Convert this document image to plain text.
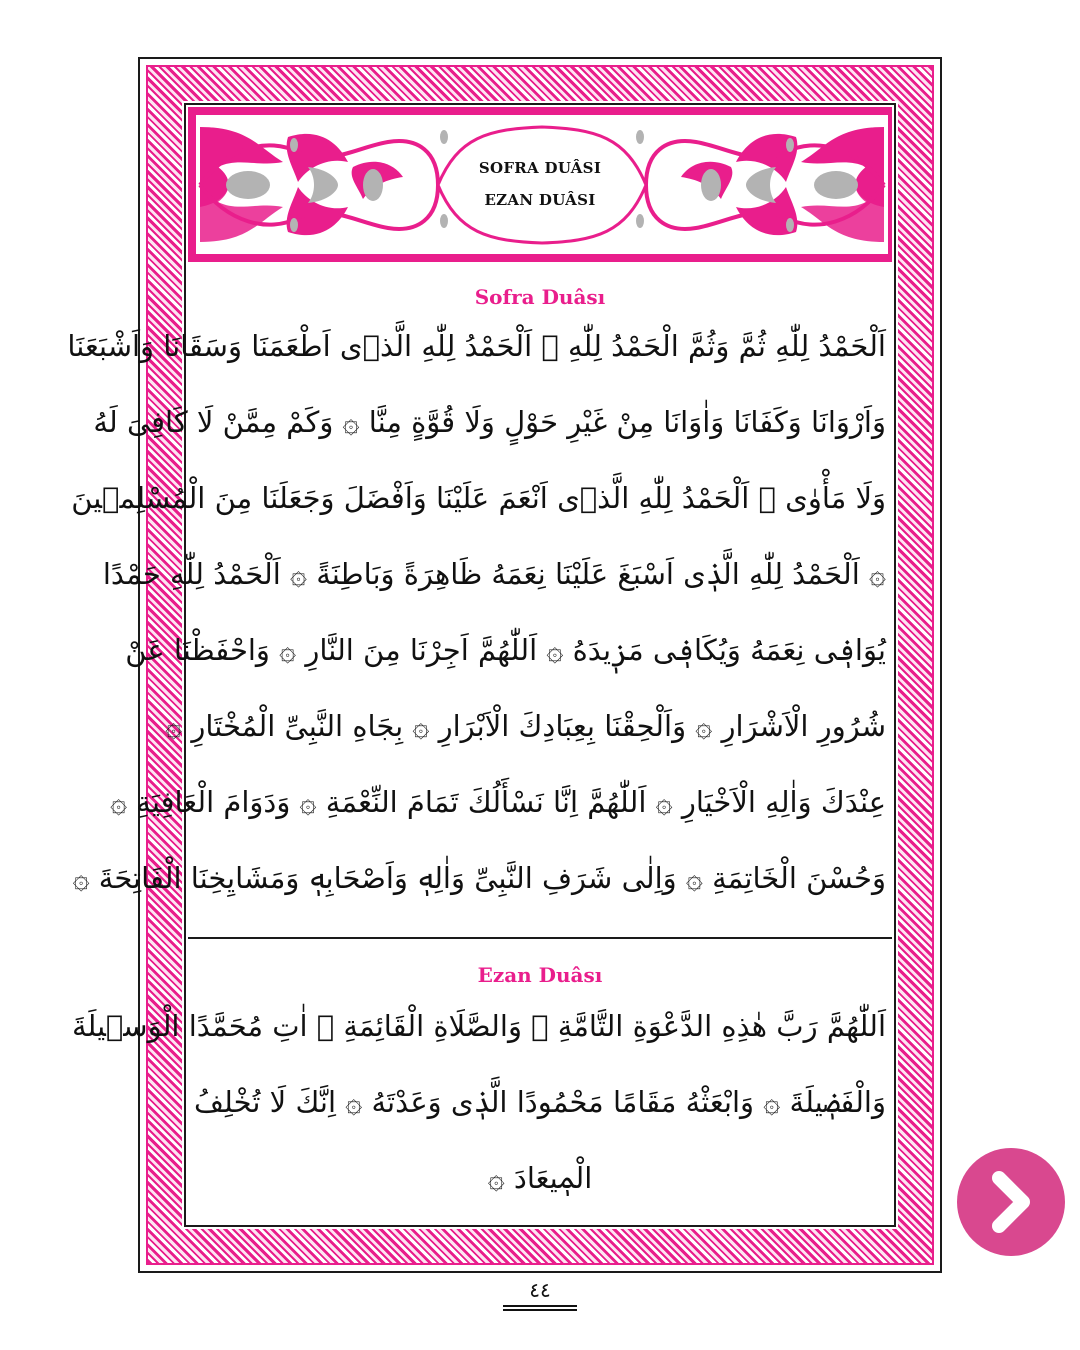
SOFRA DUÂSI
EZAN DUÂSI
Sofra Duâsı
اَلْحَمْدُ لِلّٰهِ ثُمَّ وَثُمَّ الْحَمْدُ لِلّٰهِ ۞ اَلْحَمْدُ لِلّٰهِ الَّذٖى اَطْعَمَنَا وَسَقَانَا وَاَشْبَعَنَا
وَاَرْوَانَا وَكَفَانَا وَاٰوَانَا مِنْ غَيْرِ حَوْلٍ وَلَا قُوَّةٍ مِنَّا ۞ وَكَمْ مِمَّنْ لَا كَافِىَ لَهُ
وَلَا مَأْوٰى ۞ اَلْحَمْدُ لِلّٰهِ الَّذٖى اَنْعَمَ عَلَيْنَا وَاَفْضَلَ وَجَعَلَنَا مِنَ الْمُسْلِمٖينَ
۞ اَلْحَمْدُ لِلّٰهِ الَّذٖى اَسْبَغَ عَلَيْنَا نِعَمَهُ ظَاهِرَةً وَبَاطِنَةً ۞ اَلْحَمْدُ لِلّٰهِ حَمْدًا
يُوَافٖى نِعَمَهُ وَيُكَافٖى مَزٖيدَهُ ۞ اَللّٰهُمَّ اَجِرْنَا مِنَ النَّارِ ۞ وَاحْفَظْنَا عَنْ
شُرُورِ الْاَشْرَارِ ۞ وَاَلْحِقْنَا بِعِبَادِكَ الْاَبْرَارِ ۞ بِجَاهِ النَّبِىِّ الْمُخْتَارِ ۞
عِنْدَكَ وَاٰلِهِ الْاَخْيَارِ ۞ اَللّٰهُمَّ اِنَّا نَسْأَلُكَ تَمَامَ النِّعْمَةِ ۞ وَدَوَامَ الْعَافِيَةِ ۞
وَحُسْنَ الْخَاتِمَةِ ۞ وَاِلٰى شَرَفِ النَّبِىِّ وَاٰلِهٖ وَاَصْحَابِهٖ وَمَشَايِخِنَا الْفَاتِحَةَ ۞
Ezan Duâsı
اَللّٰهُمَّ رَبَّ هٰذِهِ الدَّعْوَةِ التَّامَّةِ ۞ وَالصَّلَاةِ الْقَائِمَةِ ۞ اٰتِ مُحَمَّدًا الْوَسٖيلَةَ
وَالْفَضٖيلَةَ ۞ وَابْعَثْهُ مَقَامًا مَحْمُودًا الَّذٖى وَعَدْتَهُ ۞ اِنَّكَ لَا تُخْلِفُ
الْمٖيعَادَ ۞
٤٤
